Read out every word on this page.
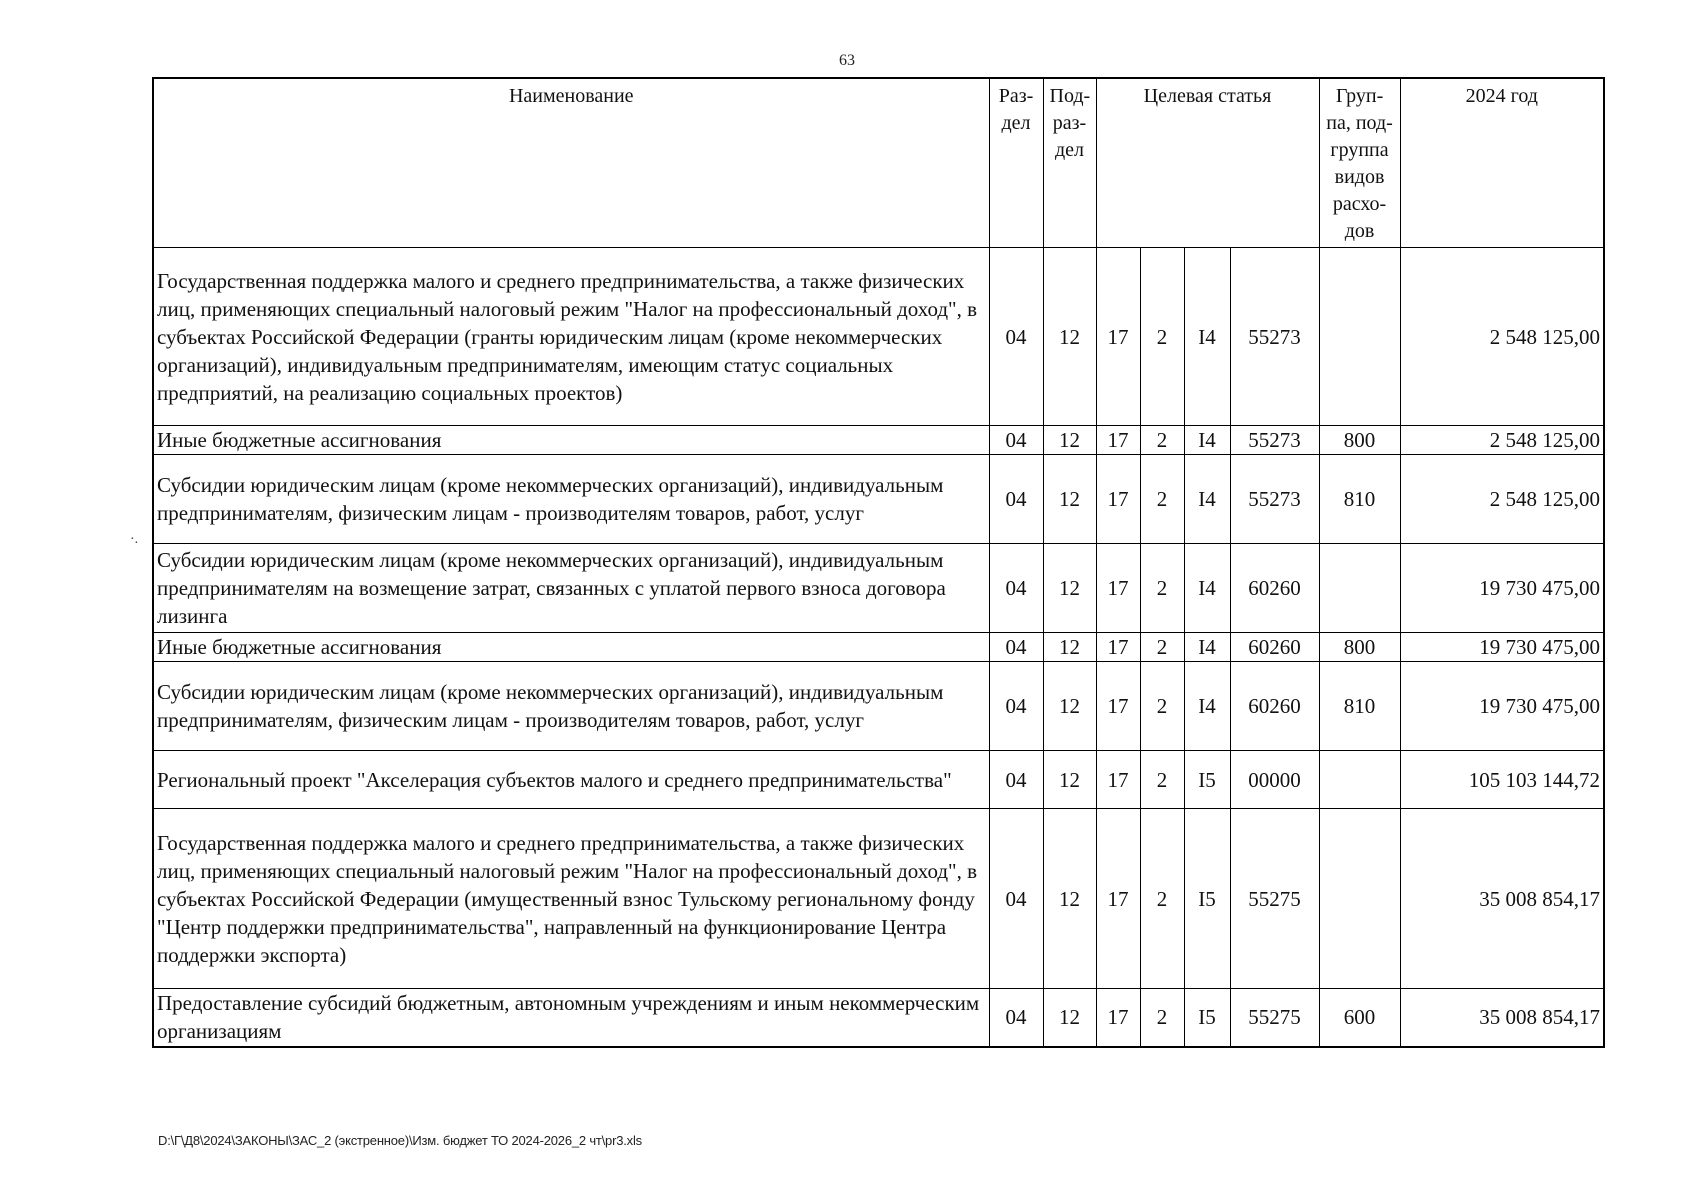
63
·.
Наименование	Раз- дел	Под- раз- дел	Целевая статья				Груп- па, под- группа видов расхо- дов	2024 год
Государственная поддержка малого и среднего предпринимательства, а также физических лиц, применяющих специальный налоговый режим "Налог на профессиональный доход", в субъектах Российской Федерации (гранты юридическим лицам (кроме некоммерческих организаций), индивидуальным предпринимателям, имеющим статус социальных предприятий, на реализацию социальных проектов)	04	12	17	2	I4	55273		2 548 125,00
Иные бюджетные ассигнования	04	12	17	2	I4	55273	800	2 548 125,00
Субсидии юридическим лицам (кроме некоммерческих организаций), индивидуальным предпринимателям, физическим лицам - производителям товаров, работ, услуг	04	12	17	2	I4	55273	810	2 548 125,00
Субсидии юридическим лицам (кроме некоммерческих организаций), индивидуальным предпринимателям на возмещение затрат, связанных с уплатой первого взноса договора лизинга	04	12	17	2	I4	60260		19 730 475,00
Иные бюджетные ассигнования	04	12	17	2	I4	60260	800	19 730 475,00
Субсидии юридическим лицам (кроме некоммерческих организаций), индивидуальным предпринимателям, физическим лицам - производителям товаров, работ, услуг	04	12	17	2	I4	60260	810	19 730 475,00
Региональный проект "Акселерация субъектов малого и среднего предпринимательства"	04	12	17	2	I5	00000		105 103 144,72
Государственная поддержка малого и среднего предпринимательства, а также физических лиц, применяющих специальный налоговый режим "Налог на профессиональный доход", в субъектах Российской Федерации (имущественный взнос Тульскому региональному фонду "Центр поддержки предпринимательства", направленный на функционирование Центра поддержки экспорта)	04	12	17	2	I5	55275		35 008 854,17
Предоставление субсидий бюджетным, автономным учреждениям и иным некоммерческим организациям	04	12	17	2	I5	55275	600	35 008 854,17
D:\Г\Д8\2024\ЗАКОНЫ\ЗАС_2 (экстренное)\Изм. бюджет ТО 2024-2026_2 чт\pr3.xls
